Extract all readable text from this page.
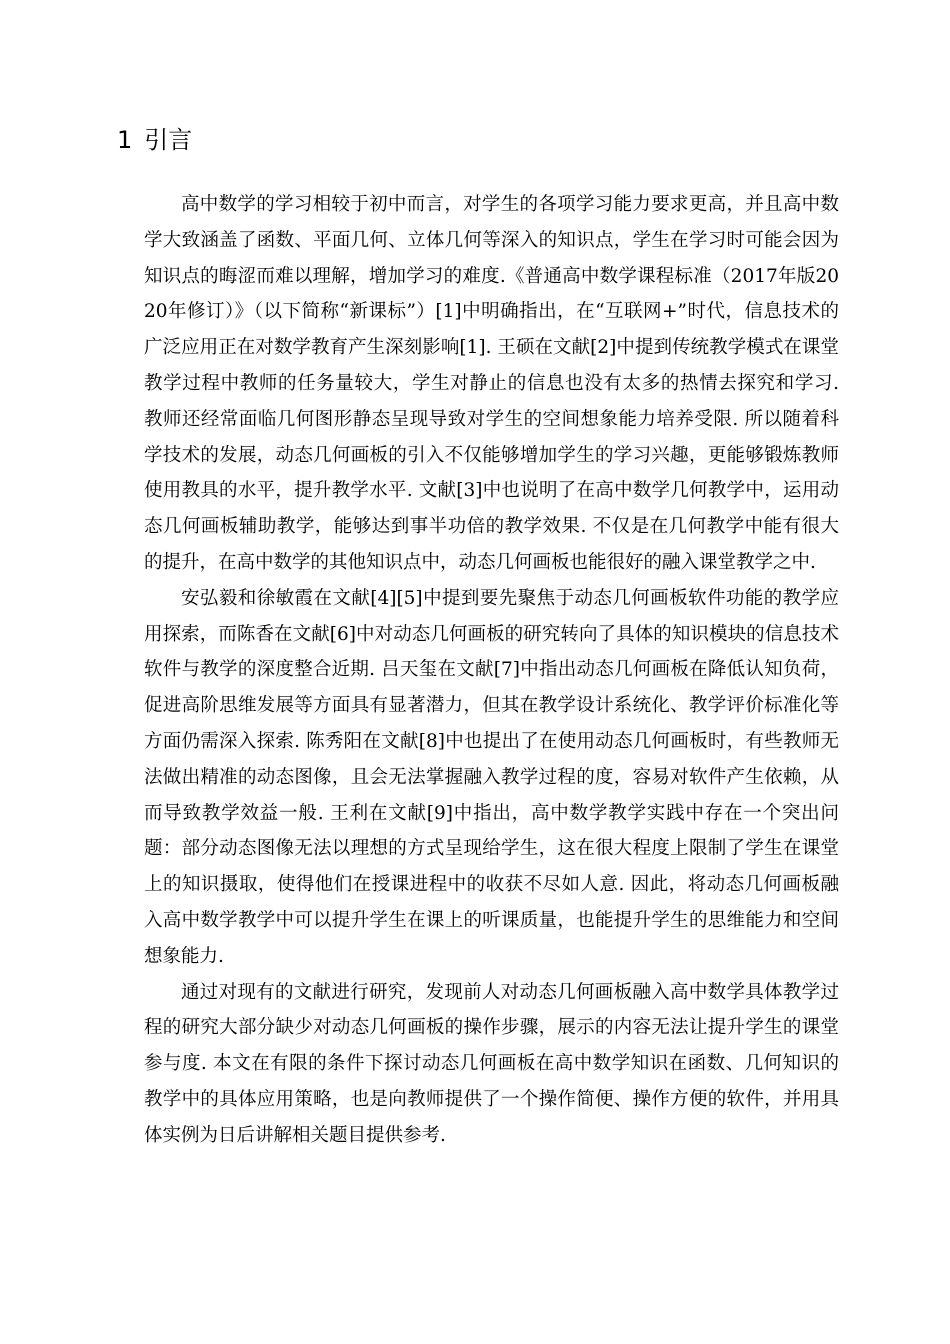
1 引言

高中数学的学习相较于初中而言，对学生的各项学习能力要求更高，并且高中数学大致涵盖了函数、平面几何、立体几何等深入的知识点，学生在学习时可能会因为知识点的晦涩而难以理解，增加学习的难度.《普通高中数学课程标准（2017年版2020年修订）》（以下简称“新课标”）[1]中明确指出，在“互联网+”时代，信息技术的广泛应用正在对数学教育产生深刻影响[1]. 王硕在文献[2]中提到传统教学模式在课堂教学过程中教师的任务量较大，学生对静止的信息也没有太多的热情去探究和学习. 教师还经常面临几何图形静态呈现导致对学生的空间想象能力培养受限. 所以随着科学技术的发展，动态几何画板的引入不仅能够增加学生的学习兴趣，更能够锻炼教师使用教具的水平，提升教学水平. 文献[3]中也说明了在高中数学几何教学中，运用动态几何画板辅助教学，能够达到事半功倍的教学效果. 不仅是在几何教学中能有很大的提升，在高中数学的其他知识点中，动态几何画板也能很好的融入课堂教学之中.

安弘毅和徐敏霞在文献[4][5]中提到要先聚焦于动态几何画板软件功能的教学应用探索，而陈香在文献[6]中对动态几何画板的研究转向了具体的知识模块的信息技术软件与教学的深度整合近期. 吕天玺在文献[7]中指出动态几何画板在降低认知负荷，促进高阶思维发展等方面具有显著潜力，但其在教学设计系统化、教学评价标准化等方面仍需深入探索. 陈秀阳在文献[8]中也提出了在使用动态几何画板时，有些教师无法做出精准的动态图像，且会无法掌握融入教学过程的度，容易对软件产生依赖，从而导致教学效益一般. 王利在文献[9]中指出，高中数学教学实践中存在一个突出问题：部分动态图像无法以理想的方式呈现给学生，这在很大程度上限制了学生在课堂上的知识摄取，使得他们在授课进程中的收获不尽如人意. 因此，将动态几何画板融入高中数学教学中可以提升学生在课上的听课质量，也能提升学生的思维能力和空间想象能力.

通过对现有的文献进行研究，发现前人对动态几何画板融入高中数学具体教学过程的研究大部分缺少对动态几何画板的操作步骤，展示的内容无法让提升学生的课堂参与度. 本文在有限的条件下探讨动态几何画板在高中数学知识在函数、几何知识的教学中的具体应用策略，也是向教师提供了一个操作简便、操作方便的软件，并用具体实例为日后讲解相关题目提供参考.
